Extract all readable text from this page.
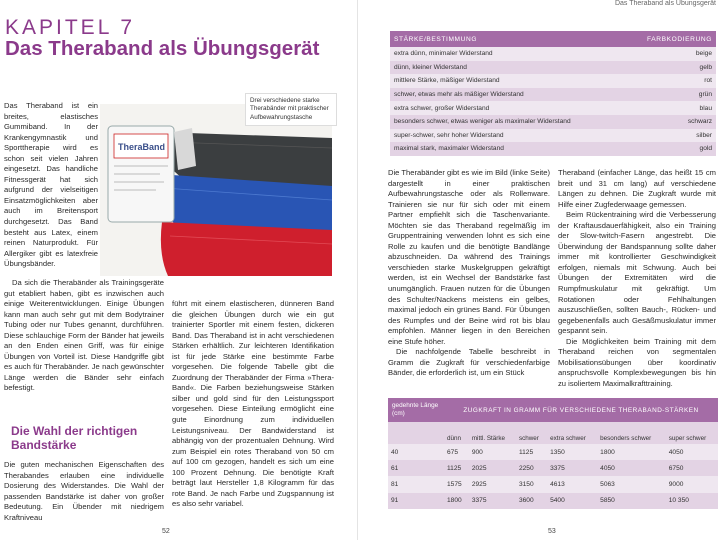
KAPITEL 7
Das Theraband als Übungsgerät

Das Theraband ist ein breites, elastisches Gummiband. In der Krankengymnastik und Sporttherapie wird es schon seit vielen Jahren eingesetzt. Das handliche Fitnessgerät hat sich aufgrund der vielseitigen Einsatzmöglichkeiten aber auch im Breitensport durchgesetzt. Das Band besteht aus Latex, einem reinen Naturprodukt. Für Allergiker gibt es latexfreie Übungsbänder.

TheraBand
Drei verschiedene starke Therabänder mit praktischer Aufbewahrungstasche

Da sich die Therabänder als Trainingsgeräte gut etabliert haben, gibt es inzwischen auch einige Weiterentwicklungen. Einige Übungen kann man auch sehr gut mit dem Bodytrainer Tubing oder nur Tubes genannt, durchführen. Diese schlauchige Form der Bänder hat jeweils an den Enden einen Griff, was für einige Übungen von Vorteil ist. Diese Handgriffe gibt es auch für Therabänder. Je nach gewünschter Länge werden die Bänder sehr einfach befestigt.

Die Wahl der richtigen Bandstärke

Die guten mechanischen Eigenschaften des Therabandes erlauben eine individuelle Dosierung des Widerstandes. Die Wahl der passenden Bandstärke ist daher von großer Bedeutung. Ein Übender mit niedrigem Kraftniveau

führt mit einem elastischeren, dünneren Band die gleichen Übungen durch wie ein gut trainierter Sportler mit einem festen, dickeren Band. Das Theraband ist in acht verschiedenen Stärken erhältlich. Zur leichteren Identifikation ist für jede Stärke eine bestimmte Farbe vorgesehen. Die folgende Tabelle gibt die Zuordnung der Therabänder der Firma »Thera-Band«. Die Farben beziehungsweise Stärken silber und gold sind für den Leistungssport vorgesehen. Diese Einteilung ermöglicht eine gute Einordnung zum individuellen Leistungsniveau. Der Bandwiderstand ist abhängig von der prozentualen Dehnung. Wird zum Beispiel ein rotes Theraband von 50 cm auf 100 cm gezogen, handelt es sich um eine 100 Prozent Dehnung. Die benötigte Kraft beträgt laut Hersteller 1,8 Kilogramm für das rote Band. Je nach Farbe und Zugspannung ist es also sehr variabel.

52
Das Theraband als Übungsgerät
STÄRKE/BESTIMMUNG	FARBKODIERUNG
extra dünn, minimaler Widerstand	beige
dünn, kleiner Widerstand	gelb
mittlere Stärke, mäßiger Widerstand	rot
schwer, etwas mehr als mäßiger Widerstand	grün
extra schwer, großer Widerstand	blau
besonders schwer, etwas weniger als maximaler Widerstand	schwarz
super-schwer, sehr hoher Widerstand	silber
maximal stark, maximaler Widerstand	gold

Die Therabänder gibt es wie im Bild (linke Seite) dargestellt in einer praktischen Aufbewahrungstasche oder als Rollenware. Trainieren sie nur für sich oder mit einem Partner empfiehlt sich die Taschenvariante. Möchten sie das Theraband regelmäßig im Gruppentraining verwenden lohnt es sich eine Rolle zu kaufen und die benötigte Bandlänge abzuschneiden. Da während des Trainings verschieden starke Muskelgruppen gekräftigt werden, ist ein Wechsel der Bandstärke fast unumgänglich. Frauen nutzen für die Übungen des Schulter/Nackens meistens ein gelbes, maximal jedoch ein grünes Band. Für Übungen des Rumpfes und der Beine wird rot bis blau empfohlen. Männer liegen in den Bereichen eine Stufe höher.

Die nachfolgende Tabelle beschreibt in Gramm die Zugkraft für verschiedenfarbige Bänder, die erforderlich ist, um ein Stück

Theraband (einfacher Länge, das heißt 15 cm breit und 31 cm lang) auf verschiedene Längen zu dehnen. Die Zugkraft wurde mit Hilfe einer Zugfederwaage gemessen.

Beim Rückentraining wird die Verbesserung der Kraftausdauerfähigkeit, also ein Training der Slow-twitch-Fasern angestrebt. Die Überwindung der Bandspannung sollte daher immer mit kontrollierter Geschwindigkeit erfolgen, niemals mit Schwung. Auch bei Übungen der Extremitäten wird die Rumpfmuskulatur mit gekräftigt. Um Rotationen oder Fehlhaltungen auszuschließen, sollten Bauch-, Rücken- und gegebenenfalls auch Gesäßmuskulatur immer gespannt sein.

Die Möglichkeiten beim Training mit dem Theraband reichen von segmentalen Mobilisationsübungen über koordinativ anspruchsvolle Komplexbewegungen bis hin zu isoliertem Maximalkrafttraining.

gedehnte Länge (cm)	ZUGKRAFT IN GRAMM FÜR VERSCHIEDENE THERABAND-STÄRKEN					
	dünn	mittl. Stärke	schwer	extra schwer	besonders schwer	super schwer
40	675	900	1125	1350	1800	4050
61	1125	2025	2250	3375	4050	6750
81	1575	2925	3150	4613	5063	9000
91	1800	3375	3600	5400	5850	10 350
53
